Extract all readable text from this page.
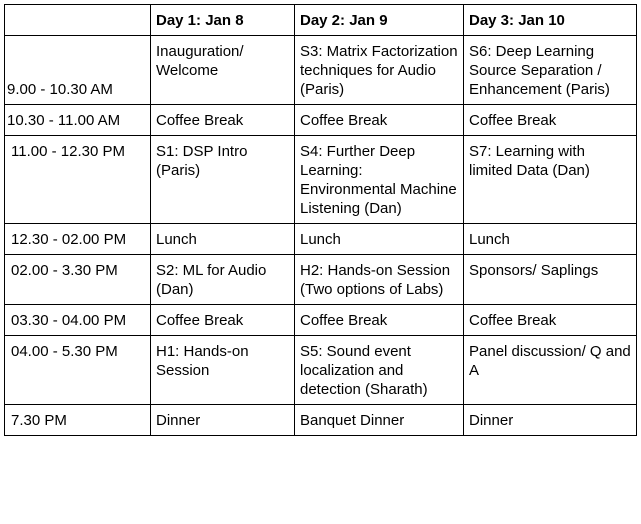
	Day 1: Jan 8	Day 2: Jan 9	Day 3: Jan 10
9.00 - 10.30 AM	Inauguration/ Welcome	S3: Matrix Factorization techniques for Audio (Paris)	S6: Deep Learning Source Separation / Enhancement (Paris)
10.30 - 11.00 AM	Coffee Break	Coffee Break	Coffee Break
11.00 - 12.30 PM	S1: DSP Intro (Paris)	S4: Further Deep Learning: Environmental Machine Listening (Dan)	S7: Learning with limited Data (Dan)
12.30 - 02.00 PM	Lunch	Lunch	Lunch
02.00 - 3.30 PM	S2: ML for Audio (Dan)	H2: Hands-on Session (Two options of Labs)	Sponsors/ Saplings
03.30 - 04.00 PM	Coffee Break	Coffee Break	Coffee Break
04.00 - 5.30 PM	H1: Hands-on Session	S5: Sound event localization and detection (Sharath)	Panel discussion/ Q and A
7.30 PM	Dinner	Banquet Dinner	Dinner
